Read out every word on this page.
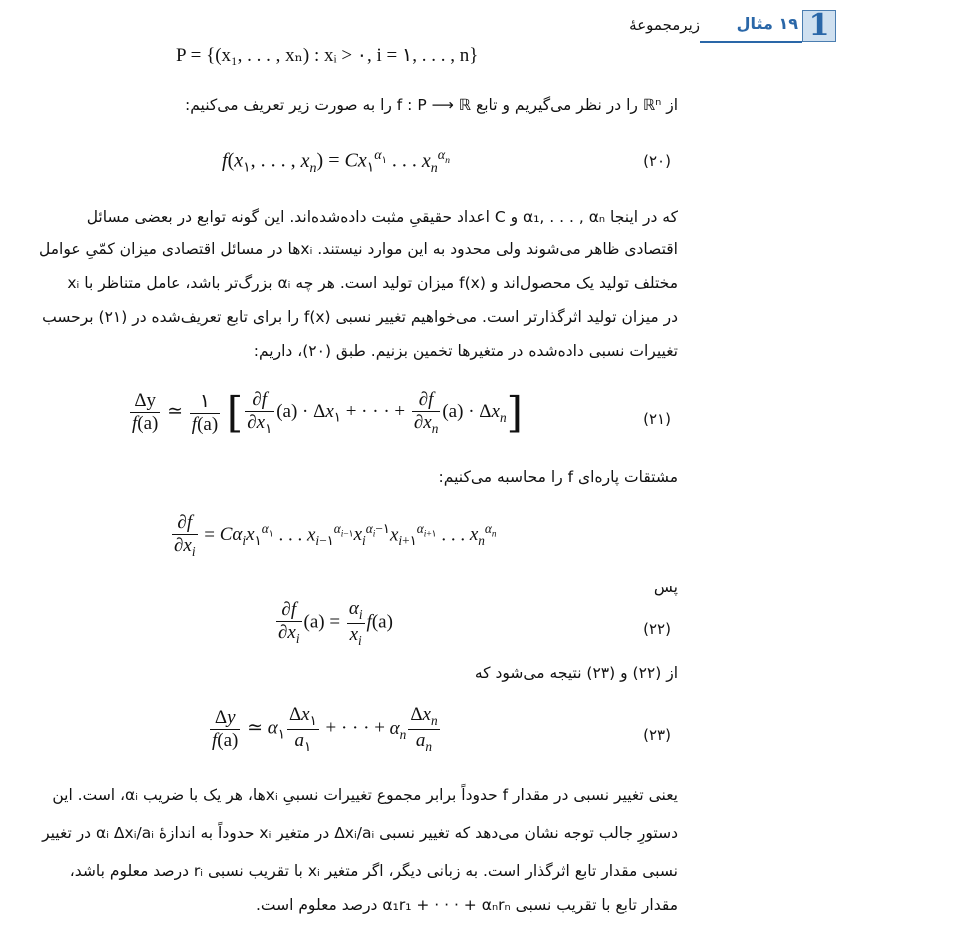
1
۱۹ مثال
زیرمجموعهٔ
P = {(x₁, . . . , xₙ) : xᵢ > ۰, i = ۱, . . . , n}
از ℝⁿ را در نظر می‌گیریم و تابع f : P ⟶ ℝ را به صورت زیر تعریف می‌کنیم:
$f(x_۱$, . . . , $x_n) = Cx_۱^{\alpha_۱}$ . . . $x_n^{\alpha_n}$	(۲۰)
که در اینجا α₁, . . . , αₙ و C اعداد حقیقیِ مثبت داده‌شده‌اند. این گونه توابع در بعضی مسائل
اقتصادی ظاهر می‌شوند ولی محدود به این موارد نیستند. xᵢها در مسائل اقتصادی میزان کمّیِ عوامل
مختلف تولید یک محصول‌اند و f(x) میزان تولید است. هر چه αᵢ بزرگ‌تر باشد، عامل متناظر با xᵢ
در میزان تولید اثرگذارتر است. می‌خواهیم تغییر نسبی f(x) را برای تابع تعریف‌شده در (۲۱) برحسب
تغییرات نسبی داده‌شده در متغیرها تخمین بزنیم. طبق (۲۰)، داریم:
$\frac{\Delta y}{f(a)}$ ≃ $\frac{۱}{f(a)}$ [ $\frac{\partial f}{\partial x_۱} (a) \cdot \Delta x_۱$ + · · · + $\frac{\partial f}{\partial x_n} (a) \cdot \Delta x_n$]	(۲۱)
مشتقات پاره‌ای f را محاسبه می‌کنیم:
$\frac{\partial f}{\partial x_i} = C\alpha_ix_۱^{\alpha_۱}$ . . . $x_{i-۱}^{\alpha_{i-۱}}x_i^{\alpha_i-۱}x_{i+۱}^{\alpha_{i+۱}}$ . . . $x_n^{\alpha_n}$
پس
$\frac{\partial f}{\partial x_i} (a) = \frac{\alpha_i}{x_i} f(a)$	(۲۲)
از (۲۲) و (۲۳) نتیجه می‌شود که
$\frac{\Delta y}{f(a)}$ ≃ $\alpha_۱ \frac{\Delta x_۱}{a_۱}$ + · · · + $\alpha_n \frac{\Delta x_n}{a_n}$	(۲۳)
یعنی تغییر نسبی در مقدار f حدوداً برابر مجموع تغییرات نسبیِ xᵢها، هر یک با ضریب αᵢ، است. این
دستورِ جالب توجه نشان می‌دهد که تغییر نسبی Δxᵢ/aᵢ در متغیر xᵢ حدوداً به اندازهٔ αᵢ Δxᵢ/aᵢ در تغییر
نسبی مقدار تابع اثرگذار است. به زبانی دیگر، اگر متغیر xᵢ با تقریب نسبی rᵢ درصد معلوم باشد،
مقدار تابع با تقریب نسبی α₁r₁ + · · · + αₙrₙ درصد معلوم است.
